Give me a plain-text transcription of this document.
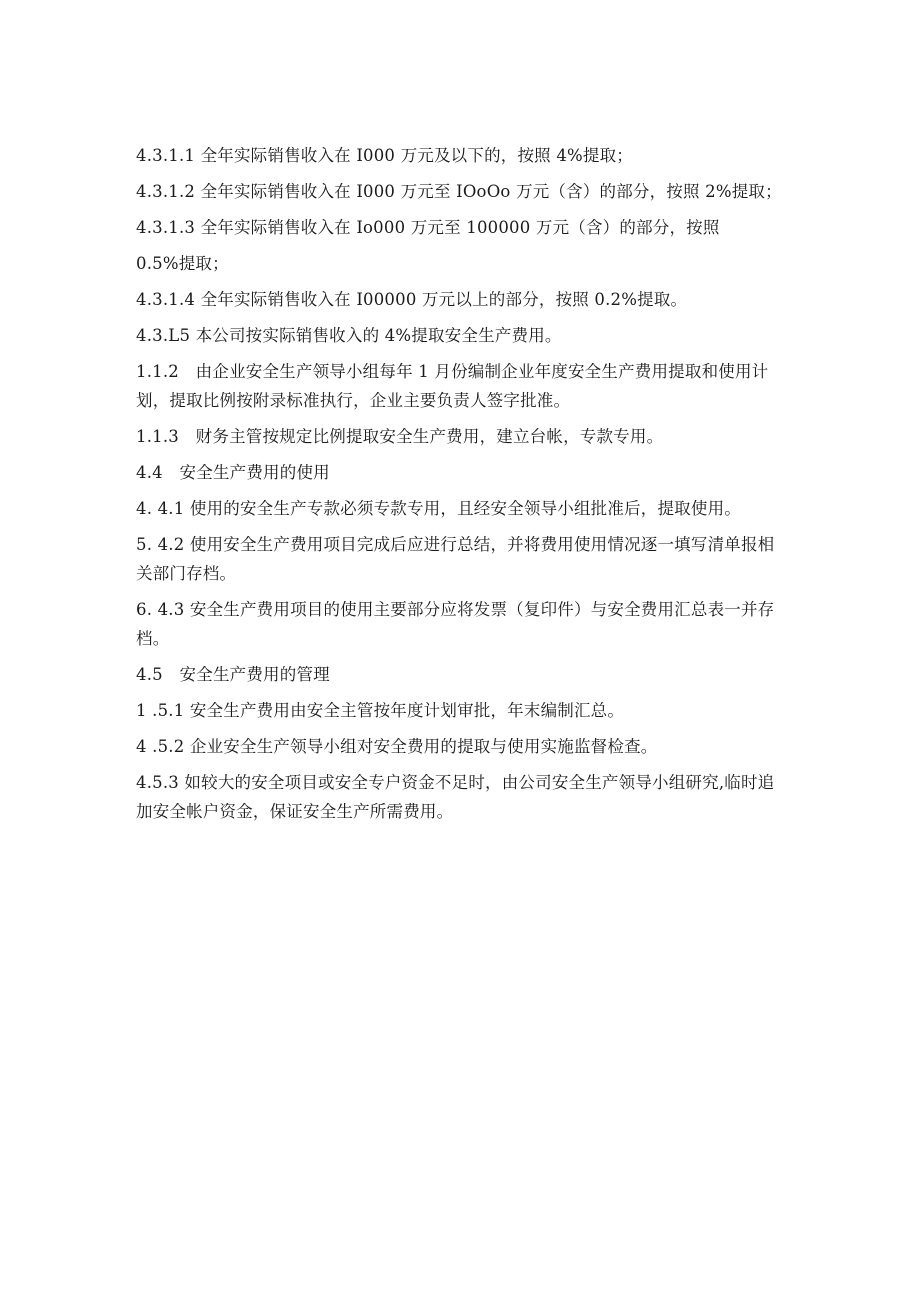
4.3.1.1 全年实际销售收入在 I000 万元及以下的，按照 4%提取；

4.3.1.2 全年实际销售收入在 I000 万元至 IOoOo 万元（含）的部分，按照 2%提取；

4.3.1.3 全年实际销售收入在 Io000 万元至 100000 万元（含）的部分，按照

0.5%提取；

4.3.1.4 全年实际销售收入在 I00000 万元以上的部分，按照 0.2%提取。

4.3.L5 本公司按实际销售收入的 4%提取安全生产费用。

1.1.2　由企业安全生产领导小组每年 1 月份编制企业年度安全生产费用提取和使用计划，提取比例按附录标准执行，企业主要负责人签字批准。

1.1.3　财务主管按规定比例提取安全生产费用，建立台帐，专款专用。

4.4　安全生产费用的使用

4. 4.1 使用的安全生产专款必须专款专用，且经安全领导小组批准后，提取使用。

5. 4.2 使用安全生产费用项目完成后应进行总结，并将费用使用情况逐一填写清单报相关部门存档。

6. 4.3 安全生产费用项目的使用主要部分应将发票（复印件）与安全费用汇总表一并存档。

4.5　安全生产费用的管理

1 .5.1 安全生产费用由安全主管按年度计划审批，年末编制汇总。

4 .5.2 企业安全生产领导小组对安全费用的提取与使用实施监督检查。

4.5.3 如较大的安全项目或安全专户资金不足时，由公司安全生产领导小组研究,临时追加安全帐户资金，保证安全生产所需费用。
